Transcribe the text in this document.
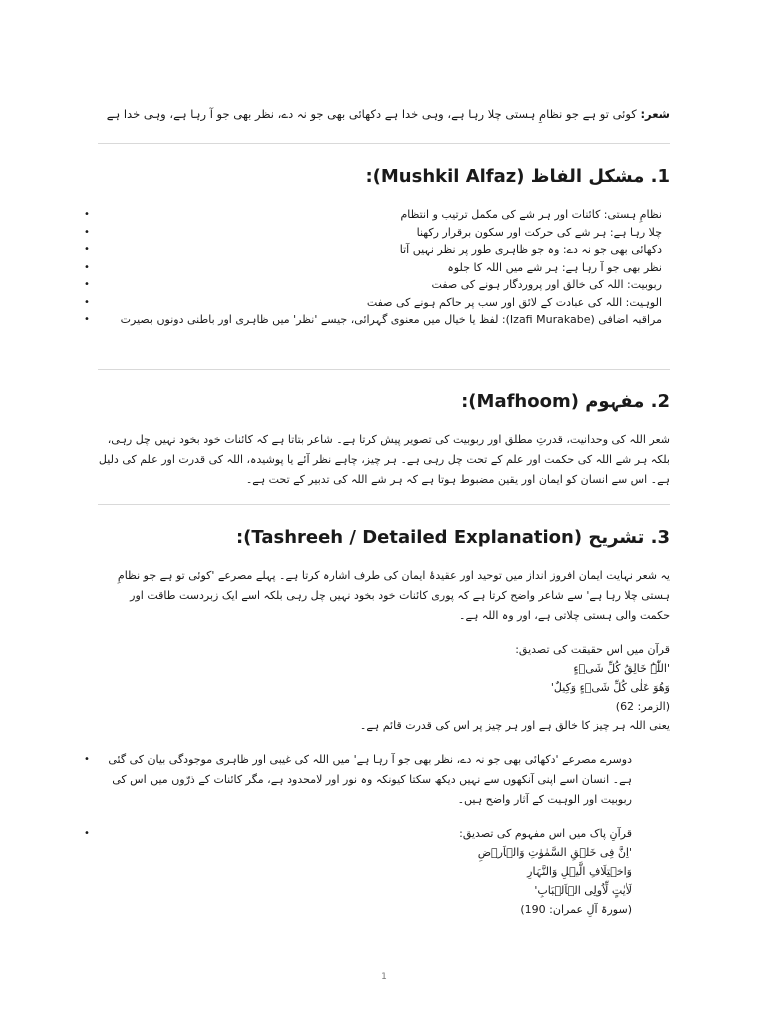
شعر: کوئی تو ہے جو نظامِ ہستی چلا رہا ہے، وہی خدا ہے دکھائی بھی جو نہ دے، نظر بھی جو آ رہا ہے، وہی خدا ہے
1. مشکل الفاظ (Mushkil Alfaz):
•	نظامِ ہستی: کائنات اور ہر شے کی مکمل ترتیب و انتظام
•	چلا رہا ہے: ہر شے کی حرکت اور سکون برقرار رکھنا
•	دکھائی بھی جو نہ دے: وہ جو ظاہری طور پر نظر نہیں آتا
•	نظر بھی جو آ رہا ہے: ہر شے میں اللہ کا جلوہ
•	ربوبیت: اللہ کی خالق اور پروردگار ہونے کی صفت
•	الوہیت: اللہ کی عبادت کے لائق اور سب پر حاکم ہونے کی صفت
•	مراقبہ اضافی (Izafi Murakabe): لفظ یا خیال میں معنوی گہرائی، جیسے 'نظر' میں ظاہری اور باطنی دونوں بصیرت
2. مفہوم (Mafhoom):
شعر اللہ کی وحدانیت، قدرتِ مطلق اور ربوبیت کی تصویر پیش کرتا ہے۔ شاعر بتاتا ہے کہ کائنات خود بخود نہیں چل رہی، بلکہ ہر شے اللہ کی حکمت اور علم کے تحت چل رہی ہے۔ ہر چیز، چاہے نظر آئے یا پوشیدہ، اللہ کی قدرت اور علم کی دلیل ہے۔ اس سے انسان کو ایمان اور یقین مضبوط ہوتا ہے کہ ہر شے اللہ کی تدبیر کے تحت ہے۔
3. تشریح (Tashreeh / Detailed Explanation):
یہ شعر نہایت ایمان افروز انداز میں توحید اور عقیدۂ ایمان کی طرف اشارہ کرتا ہے۔ پہلے مصرعے 'کوئی تو ہے جو نظامِ ہستی چلا رہا ہے' سے شاعر واضح کرتا ہے کہ پوری کائنات خود بخود نہیں چل رہی بلکہ اسے ایک زبردست طاقت اور حکمت والی ہستی چلاتی ہے، اور وہ اللہ ہے۔
قرآن میں اس حقیقت کی تصدیق:
'اللّٰہُ خَالِقُ کُلِّ شَیۡءٍ
وَهُوَ عَلٰی کُلِّ شَیۡءٍ وَکِیلٌ'
(الزمر: 62)
یعنی اللہ ہر چیز کا خالق ہے اور ہر چیز پر اس کی قدرت قائم ہے۔
•	دوسرے مصرعے 'دکھائی بھی جو نہ دے، نظر بھی جو آ رہا ہے' میں اللہ کی غیبی اور ظاہری موجودگی بیان کی گئی ہے۔ انسان اسے اپنی آنکھوں سے نہیں دیکھ سکتا کیونکہ وہ نور اور لامحدود ہے، مگر کائنات کے ذرّوں میں اس کی ربوبیت اور الوہیت کے آثار واضح ہیں۔
•	قرآنِ پاک میں اس مفہوم کی تصدیق:
'اِنَّ فِی خَلۡقِ السَّمٰوٰتِ وَالۡاَرۡضِ
وَاخۡتِلَافِ الَّیۡلِ وَالنَّہَارِ
لَاٰیٰتٍ لِّاُولِی الۡاَلۡبَابِ'
(سورۃ آلِ عمران: 190)
1
